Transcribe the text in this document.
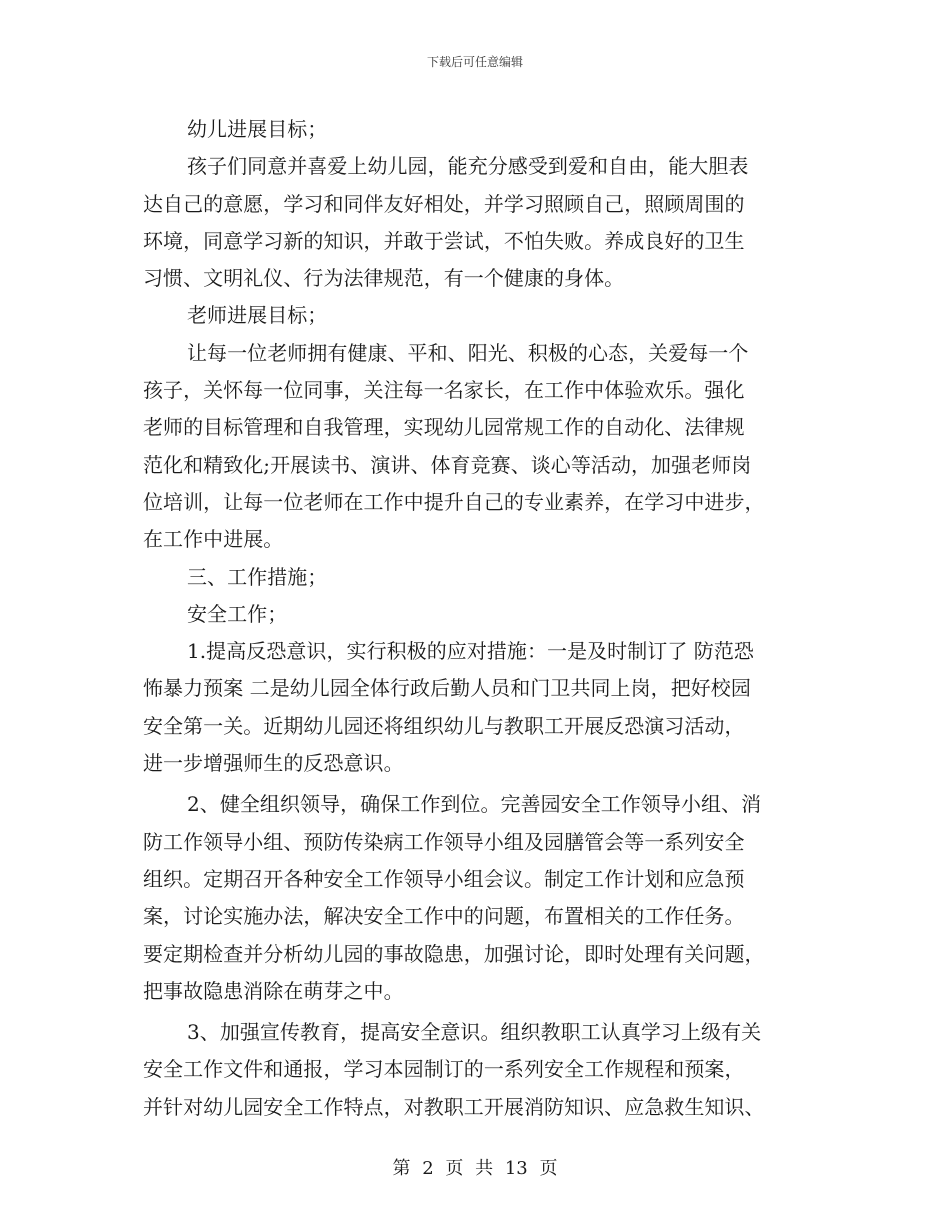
下载后可任意编辑
幼儿进展目标；
孩子们同意并喜爱上幼儿园，能充分感受到爱和自由，能大胆表
达自己的意愿，学习和同伴友好相处，并学习照顾自己，照顾周围的
环境，同意学习新的知识，并敢于尝试，不怕失败。养成良好的卫生
习惯、文明礼仪、行为法律规范，有一个健康的身体。
老师进展目标；
让每一位老师拥有健康、平和、阳光、积极的心态，关爱每一个
孩子，关怀每一位同事，关注每一名家长，在工作中体验欢乐。强化
老师的目标管理和自我管理，实现幼儿园常规工作的自动化、法律规
范化和精致化;开展读书、演讲、体育竞赛、谈心等活动，加强老师岗
位培训，让每一位老师在工作中提升自己的专业素养，在学习中进步，
在工作中进展。
三、工作措施；
安全工作；
1.提高反恐意识，实行积极的应对措施：一是及时制订了 防范恐
怖暴力预案 二是幼儿园全体行政后勤人员和门卫共同上岗，把好校园
安全第一关。近期幼儿园还将组织幼儿与教职工开展反恐演习活动，
进一步增强师生的反恐意识。
2、健全组织领导，确保工作到位。完善园安全工作领导小组、消
防工作领导小组、预防传染病工作领导小组及园膳管会等一系列安全
组织。定期召开各种安全工作领导小组会议。制定工作计划和应急预
案，讨论实施办法，解决安全工作中的问题，布置相关的工作任务。
要定期检查并分析幼儿园的事故隐患，加强讨论，即时处理有关问题，
把事故隐患消除在萌芽之中。
3、加强宣传教育，提高安全意识。组织教职工认真学习上级有关
安全工作文件和通报，学习本园制订的一系列安全工作规程和预案，
并针对幼儿园安全工作特点，对教职工开展消防知识、应急救生知识、
第 2 页 共 13 页
